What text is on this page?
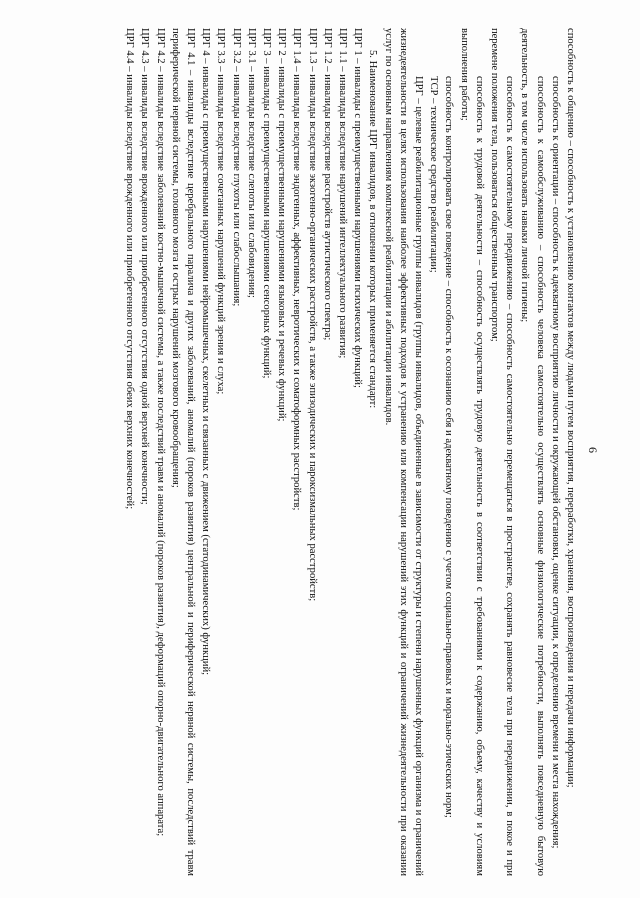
6

способность к общению – способность к установлению контактов между людьми путем восприятия, переработки, хранения, воспроизведения и передачи информации;

способность к ориентации – способность к адекватному восприятию личности и окружающей обстановки, оценке ситуации, к определению времени и места нахождения;

способность к самообслуживанию – способность человека самостоятельно осуществлять основные физиологические потребности, выполнять повседневную бытовую деятельность, в том числе использовать навыки личной гигиены;

способность к самостоятельному передвижению – способность самостоятельно перемещаться в пространстве, сохранять равновесие тела при передвижении, в покое и при перемене положения тела, пользоваться общественным транспортом;

способность к трудовой деятельности – способность осуществлять трудовую деятельность в соответствии с требованиями к содержанию, объему, качеству и условиям выполнения работы;

способность контролировать свое поведение – способность к осознанию себя и адекватному поведению с учетом социально-правовых и морально-этических норм;

ТСР – техническое средство реабилитации;

ЦРГ – целевые реабилитационные группы инвалидов (группы инвалидов, объединенные в зависимости от структуры и степени нарушенных функций организма и ограничений жизнедеятельности в целях использования наиболее эффективных подходов к устранению или компенсации нарушений этих функций и ограничений жизнедеятельности при оказании услуг по основным направлениям комплексной реабилитации и абилитации инвалидов.

5. Наименование ЦРГ инвалидов, в отношении которых применяется стандарт:

ЦРГ 1 – инвалиды с преимущественными нарушениями психических функций;

ЦРГ 1.1 – инвалиды вследствие нарушений интеллектуального развития;

ЦРГ 1.2 – инвалиды вследствие расстройств аутистического спектра;

ЦРГ 1.3 – инвалиды вследствие экзогенно-органических расстройств, а также эпизодических и пароксизмальных расстройств;

ЦРГ 1.4 – инвалиды вследствие эндогенных, аффективных, невротических и соматоформных расстройств;

ЦРГ 2 – инвалиды с преимущественными нарушениями языковых и речевых функций;

ЦРГ 3 – инвалиды с преимущественными нарушениями сенсорных функций;

ЦРГ 3.1 – инвалиды вследствие слепоты или слабовидения;

ЦРГ 3.2 – инвалиды вследствие глухоты или слабослышания;

ЦРГ 3.3 – инвалиды вследствие сочетанных нарушений функций зрения и слуха;

ЦРГ 4 – инвалиды с преимущественными нарушениями нейромышечных, скелетных и связанных с движением (статодинамических) функций;

ЦРГ 4.1 – инвалиды вследствие церебрального паралича и других заболеваний, аномалий (пороков развития) центральной и периферической нервной системы, последствий травм периферической нервной системы, головного мозга и острых нарушений мозгового кровообращения;

ЦРГ 4.2 – инвалиды вследствие заболеваний костно-мышечной системы, а также последствий травм и аномалий (пороков развития), деформаций опорно-двигательного аппарата;

ЦРГ 4.3 – инвалиды вследствие врожденного или приобретенного отсутствия одной верхней конечности;

ЦРГ 4.4 – инвалиды вследствие врожденного или приобретенного отсутствия обеих верхних конечностей;
